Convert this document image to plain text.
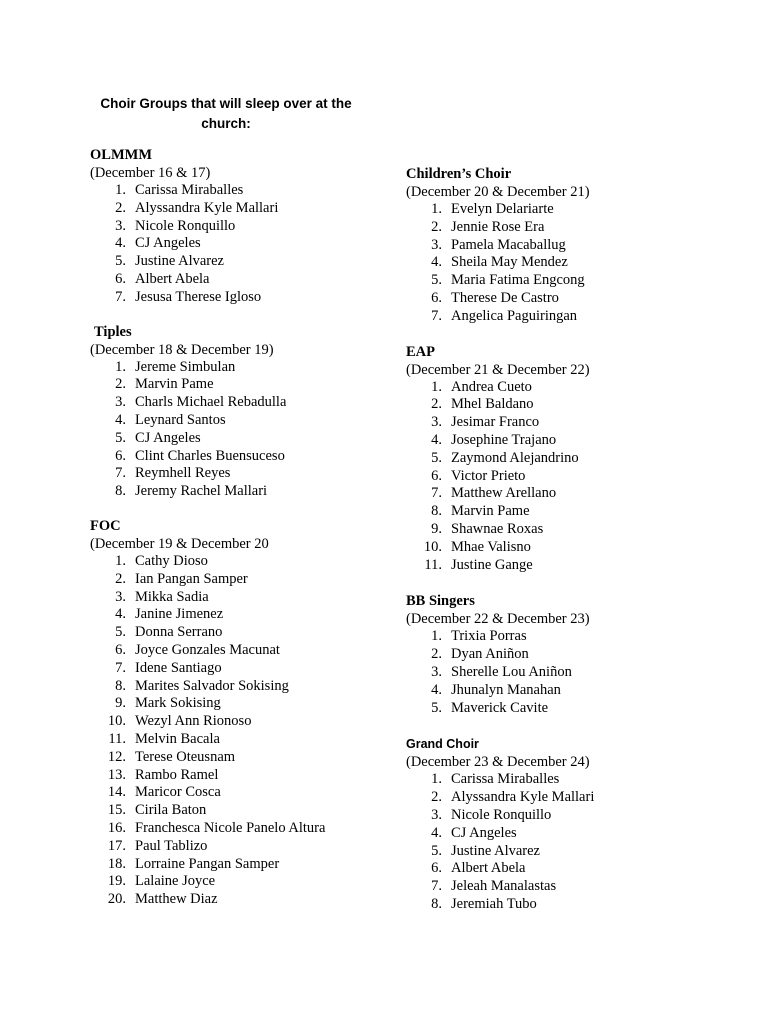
Choir Groups that will sleep over at the church:
OLMMM
(December 16 & 17)
1. Carissa Miraballes
2. Alyssandra Kyle Mallari
3. Nicole Ronquillo
4. CJ Angeles
5. Justine Alvarez
6. Albert Abela
7. Jesusa Therese Igloso
Tiples
(December 18 & December 19)
1. Jereme Simbulan
2. Marvin Pame
3. Charls Michael Rebadulla
4. Leynard Santos
5. CJ Angeles
6. Clint Charles Buensuceso
7. Reymhell Reyes
8. Jeremy Rachel Mallari
FOC
(December 19 & December 20
1. Cathy Dioso
2. Ian Pangan Samper
3. Mikka Sadia
4. Janine Jimenez
5. Donna Serrano
6. Joyce Gonzales Macunat
7. Idene Santiago
8. Marites Salvador Sokising
9. Mark Sokising
10. Wezyl Ann Rionoso
11. Melvin Bacala
12. Terese Oteusnam
13. Rambo Ramel
14. Maricor Cosca
15. Cirila Baton
16. Franchesca Nicole Panelo Altura
17. Paul Tablizo
18. Lorraine Pangan Samper
19. Lalaine Joyce
20. Matthew Diaz
Children’s Choir
(December 20 & December 21)
1. Evelyn Delariarte
2. Jennie Rose Era
3. Pamela Macaballug
4. Sheila May Mendez
5. Maria Fatima Engcong
6. Therese De Castro
7. Angelica Paguiringan
EAP
(December 21 & December 22)
1. Andrea Cueto
2. Mhel Baldano
3. Jesimar Franco
4. Josephine Trajano
5. Zaymond Alejandrino
6. Victor Prieto
7. Matthew Arellano
8. Marvin Pame
9. Shawnae Roxas
10. Mhae Valisno
11. Justine Gange
BB Singers
(December 22 & December 23)
1. Trixia Porras
2. Dyan Aniñon
3. Sherelle Lou Aniñon
4. Jhunalyn Manahan
5. Maverick Cavite
Grand Choir
(December 23 & December 24)
1. Carissa Miraballes
2. Alyssandra Kyle Mallari
3. Nicole Ronquillo
4. CJ Angeles
5. Justine Alvarez
6. Albert Abela
7. Jeleah Manalastas
8. Jeremiah Tubo
